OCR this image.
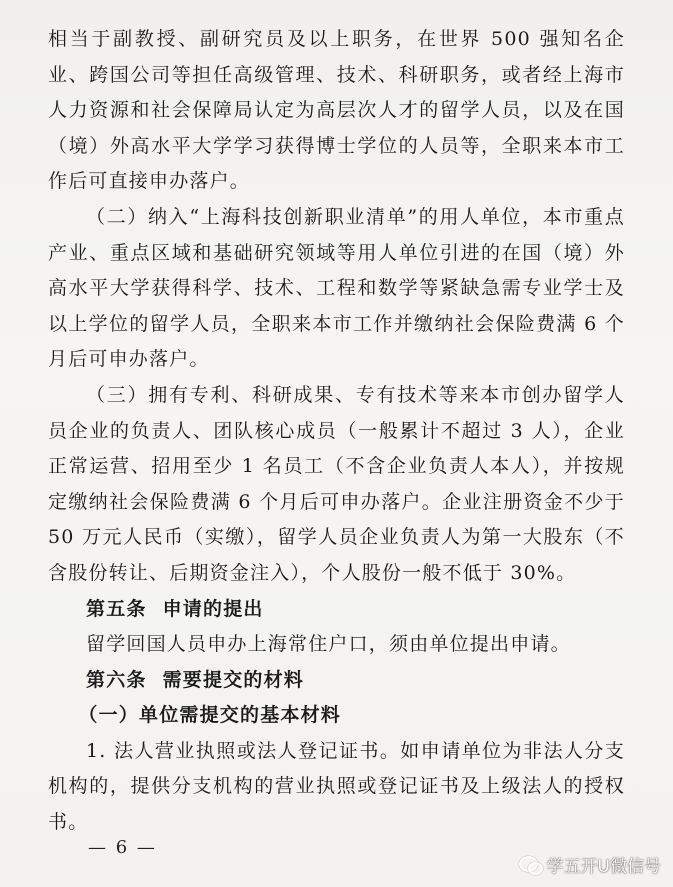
相当于副教授、副研究员及以上职务，在世界 500 强知名企业、跨国公司等担任高级管理、技术、科研职务，或者经上海市人力资源和社会保障局认定为高层次人才的留学人员，以及在国（境）外高水平大学学习获得博士学位的人员等，全职来本市工作后可直接申办落户。

（二）纳入“上海科技创新职业清单”的用人单位，本市重点产业、重点区域和基础研究领域等用人单位引进的在国（境）外高水平大学获得科学、技术、工程和数学等紧缺急需专业学士及以上学位的留学人员，全职来本市工作并缴纳社会保险费满 6 个月后可申办落户。

（三）拥有专利、科研成果、专有技术等来本市创办留学人员企业的负责人、团队核心成员（一般累计不超过 3 人），企业正常运营、招用至少 1 名员工（不含企业负责人本人），并按规定缴纳社会保险费满 6 个月后可申办落户。企业注册资金不少于 50 万元人民币（实缴），留学人员企业负责人为第一大股东（不含股份转让、后期资金注入），个人股份一般不低于 30%。

第五条 申请的提出

留学回国人员申办上海常住户口，须由单位提出申请。

第六条 需要提交的材料

（一）单位需提交的基本材料

1. 法人营业执照或法人登记证书。如申请单位为非法人分支机构的，提供分支机构的营业执照或登记证书及上级法人的授权书。

— 6 —
学五开U微信号
